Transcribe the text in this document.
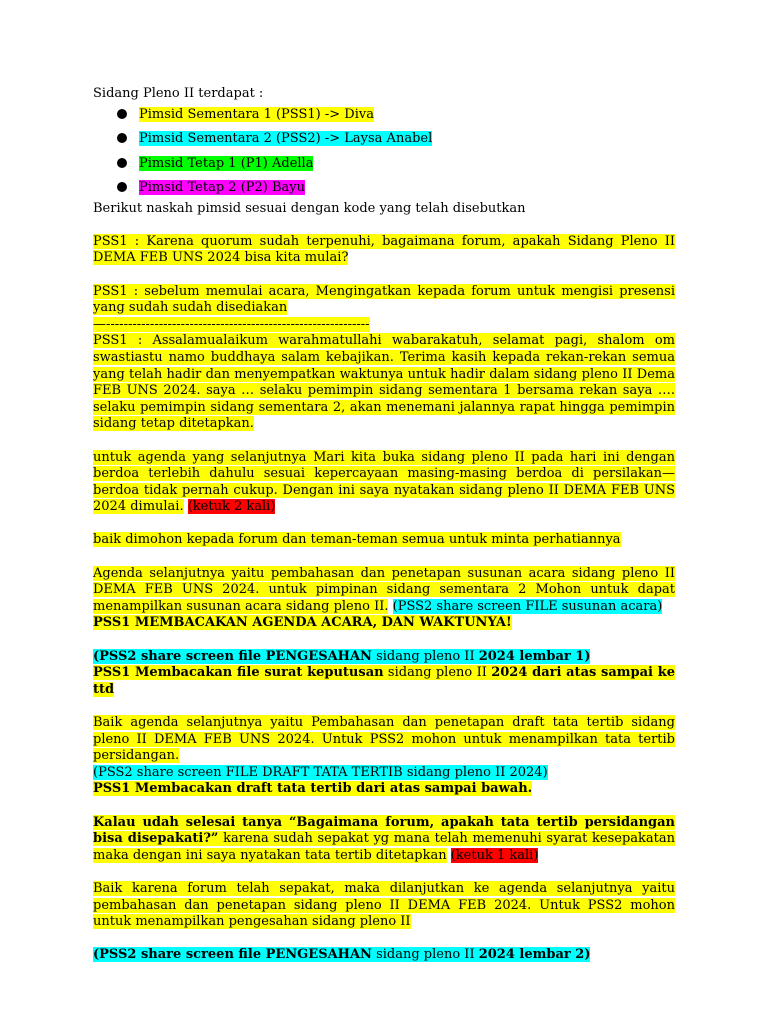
Sidang Pleno II terdapat :

Pimsid Sementara 1 (PSS1) -> Diva
Pimsid Sementara 2 (PSS2) -> Laysa Anabel
Pimsid Tetap 1 (P1) Adella
Pimsid Tetap 2 (P2) Bayu

Berikut naskah pimsid sesuai dengan kode yang telah disebutkan

PSS1 : Karena quorum sudah terpenuhi, bagaimana forum, apakah Sidang Pleno II DEMA FEB UNS 2024 bisa kita mulai?

PSS1 : sebelum memulai acara, Mengingatkan kepada forum untuk mengisi presensi yang sudah sudah disediakan

—------------------------------------------------------------

PSS1 : Assalamualaikum warahmatullahi wabarakatuh, selamat pagi, shalom om swastiastu namo buddhaya salam kebajikan. Terima kasih kepada rekan-rekan semua yang telah hadir dan menyempatkan waktunya untuk hadir dalam sidang pleno II Dema FEB UNS 2024. saya … selaku pemimpin sidang sementara 1 bersama rekan saya …. selaku pemimpin sidang sementara 2, akan menemani jalannya rapat hingga pemimpin sidang tetap ditetapkan.

untuk agenda yang selanjutnya Mari kita buka sidang pleno II pada hari ini dengan berdoa terlebih dahulu sesuai kepercayaan masing-masing berdoa di persilakan—berdoa tidak pernah cukup. Dengan ini saya nyatakan sidang pleno II DEMA FEB UNS 2024 dimulai. (ketuk 2 kali)

baik dimohon kepada forum dan teman-teman semua untuk minta perhatiannya

Agenda selanjutnya yaitu pembahasan dan penetapan susunan acara sidang pleno II DEMA FEB UNS 2024. untuk pimpinan sidang sementara 2 Mohon untuk dapat menampilkan susunan acara sidang pleno II. (PSS2 share screen FILE susunan acara)

PSS1 MEMBACAKAN AGENDA ACARA, DAN WAKTUNYA!

(PSS2 share screen file PENGESAHAN sidang pleno II 2024 lembar 1)

PSS1 Membacakan file surat keputusan sidang pleno II 2024 dari atas sampai ke ttd

Baik agenda selanjutnya yaitu Pembahasan dan penetapan draft tata tertib sidang pleno II DEMA FEB UNS 2024. Untuk PSS2 mohon untuk menampilkan tata tertib persidangan.

(PSS2 share screen FILE DRAFT TATA TERTIB sidang pleno II 2024)

PSS1 Membacakan draft tata tertib dari atas sampai bawah.

Kalau udah selesai tanya “Bagaimana forum, apakah tata tertib persidangan bisa disepakati?” karena sudah sepakat yg mana telah memenuhi syarat kesepakatan maka dengan ini saya nyatakan tata tertib ditetapkan (ketuk 1 kali)

Baik karena forum telah sepakat, maka dilanjutkan ke agenda selanjutnya yaitu pembahasan dan penetapan sidang pleno II DEMA FEB 2024. Untuk PSS2 mohon untuk menampilkan pengesahan sidang pleno II

(PSS2 share screen file PENGESAHAN sidang pleno II 2024 lembar 2)
